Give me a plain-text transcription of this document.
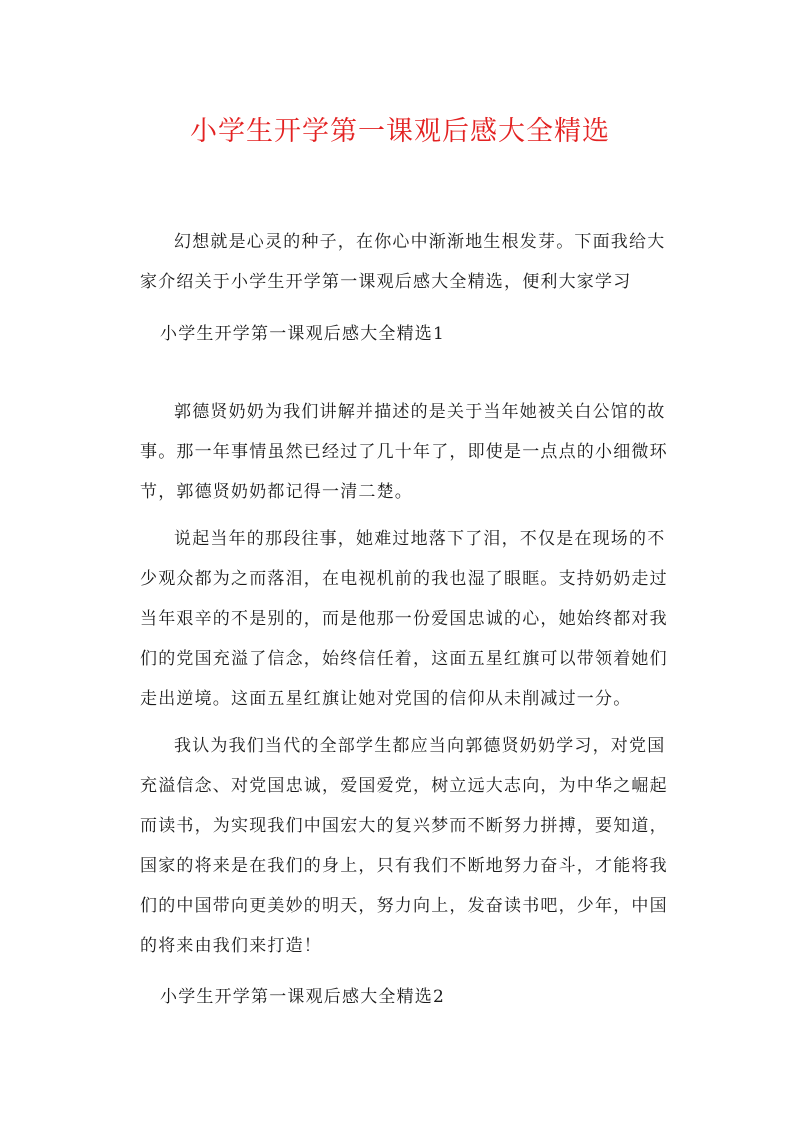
小学生开学第一课观后感大全精选

幻想就是心灵的种子，在你心中渐渐地生根发芽。下面我给大家介绍关于小学生开学第一课观后感大全精选，便利大家学习

小学生开学第一课观后感大全精选1

郭德贤奶奶为我们讲解并描述的是关于当年她被关白公馆的故事。那一年事情虽然已经过了几十年了，即使是一点点的小细微环节，郭德贤奶奶都记得一清二楚。

说起当年的那段往事，她难过地落下了泪，不仅是在现场的不少观众都为之而落泪，在电视机前的我也湿了眼眶。支持奶奶走过当年艰辛的不是别的，而是他那一份爱国忠诚的心，她始终都对我们的党国充溢了信念，始终信任着，这面五星红旗可以带领着她们走出逆境。这面五星红旗让她对党国的信仰从未削减过一分。

我认为我们当代的全部学生都应当向郭德贤奶奶学习，对党国充溢信念、对党国忠诚，爱国爱党，树立远大志向，为中华之崛起而读书，为实现我们中国宏大的复兴梦而不断努力拼搏，要知道，国家的将来是在我们的身上，只有我们不断地努力奋斗，才能将我们的中国带向更美妙的明天，努力向上，发奋读书吧，少年，中国的将来由我们来打造！

小学生开学第一课观后感大全精选2
